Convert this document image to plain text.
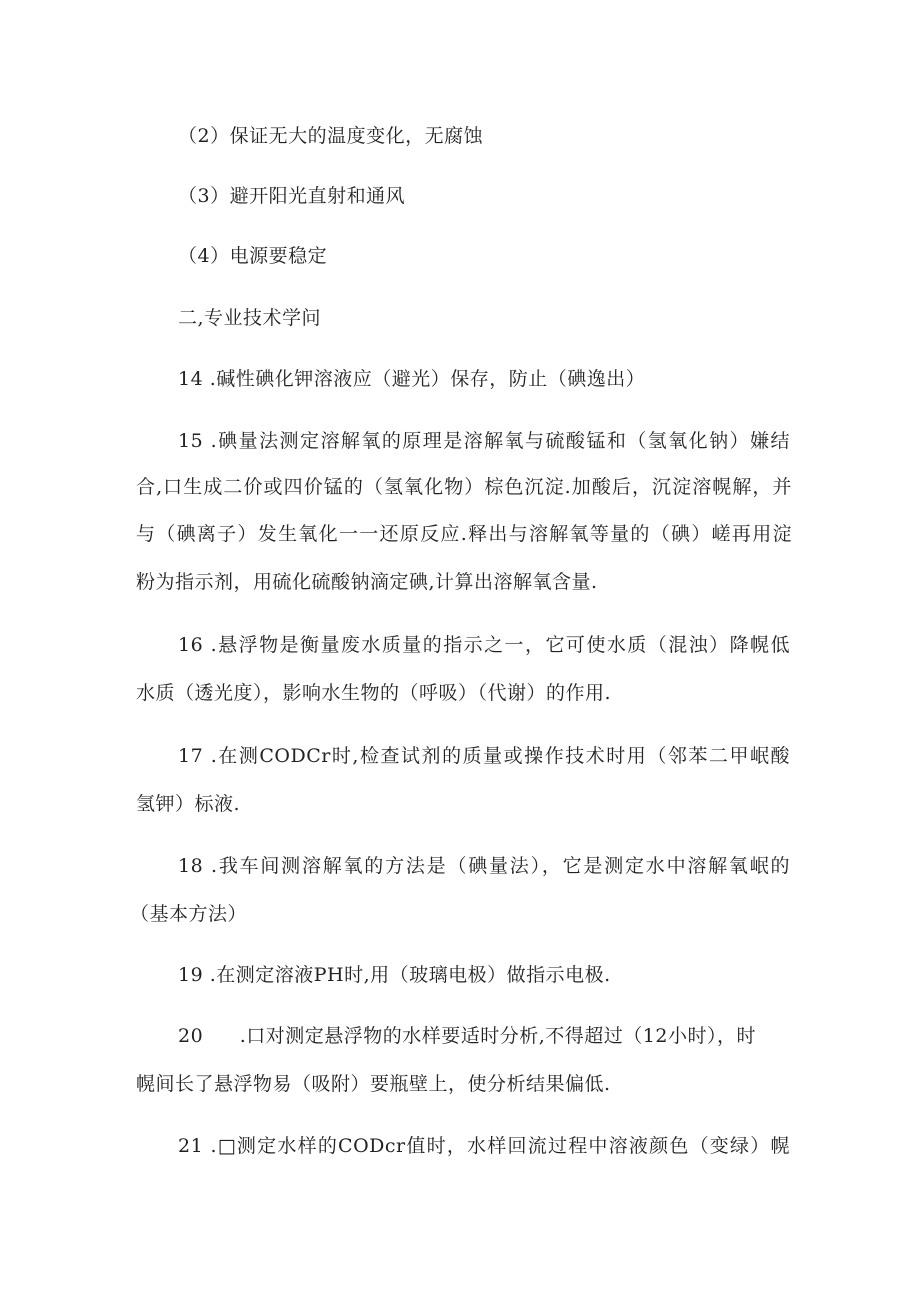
（2）保证无大的温度变化，无腐蚀
（3）避开阳光直射和通风
（4）电源要稳定
二,专业技术学问
14 .碱性碘化钾溶液应（避光）保存，防止（碘逸出）
15 .碘量法测定溶解氧的原理是溶解氧与硫酸锰和（氢氧化钠）嫌结
合,口生成二价或四价锰的（氢氧化物）棕色沉淀.加酸后，沉淀溶幌解，并
与（碘离子）发生氧化一一还原反应.释出与溶解氧等量的（碘）嵯再用淀
粉为指示剂，用硫化硫酸钠滴定碘,计算出溶解氧含量.
16 .悬浮物是衡量废水质量的指示之一，它可使水质（混浊）降幌低
水质（透光度），影响水生物的（呼吸）（代谢）的作用.
17 .在测CODCr时,检查试剂的质量或操作技术时用（邻苯二甲岷酸
氢钾）标液.
18 .我车间测溶解氧的方法是（碘量法），它是测定水中溶解氧岷的
（基本方法）
19 .在测定溶液PH时,用（玻璃电极）做指示电极.
20 .口对测定悬浮物的水样要适时分析,不得超过（12小时），时
幌间长了悬浮物易（吸附）要瓶壁上，使分析结果偏低.
21 .□测定水样的CODcr值时，水样回流过程中溶液颜色（变绿）幌
